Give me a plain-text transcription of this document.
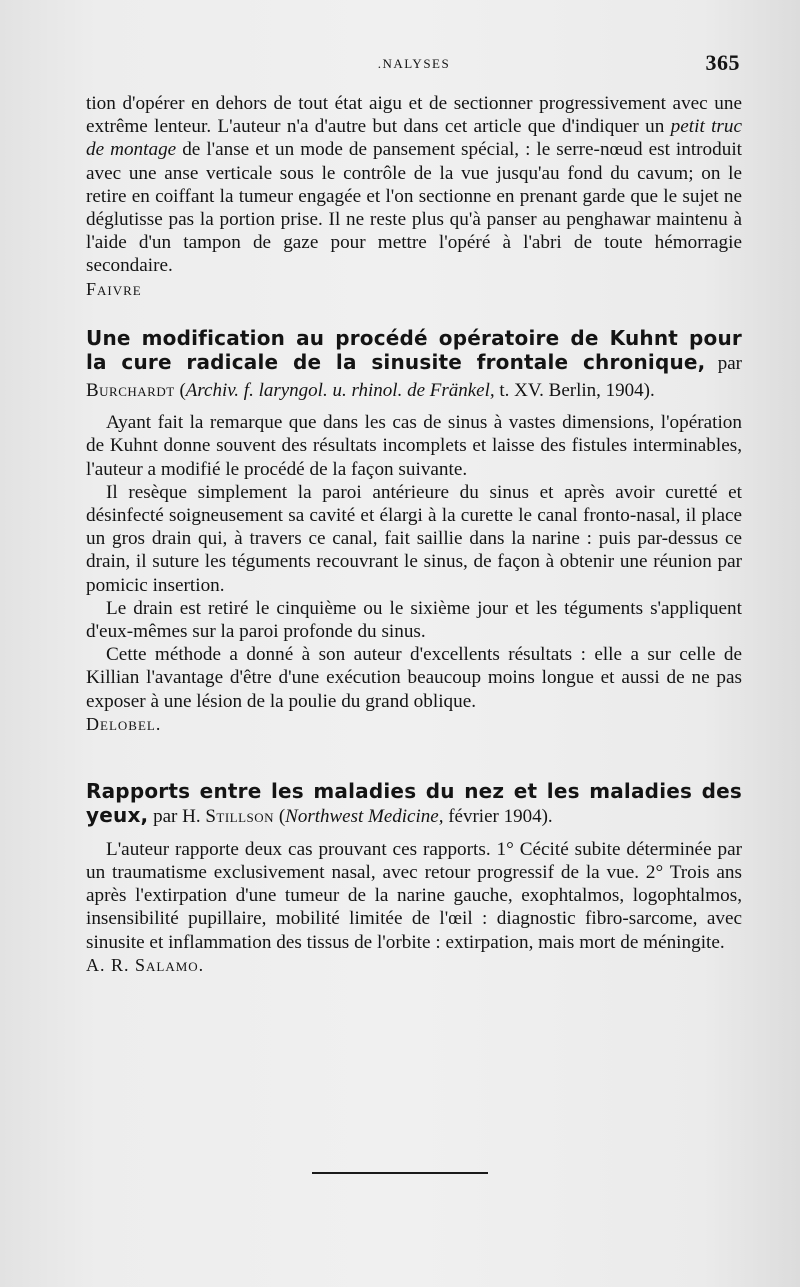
.NALYSES	365

tion d'opérer en dehors de tout état aigu et de sectionner progressivement avec une extrême lenteur. L'auteur n'a d'autre but dans cet article que d'indiquer un petit truc de montage de l'anse et un mode de pansement spécial, : le serre-nœud est introduit avec une anse verticale sous le contrôle de la vue jusqu'au fond du cavum; on le retire en coiffant la tumeur engagée et l'on sectionne en prenant garde que le sujet ne déglutisse pas la portion prise. Il ne reste plus qu'à panser au penghawar maintenu à l'aide d'un tampon de gaze pour mettre l'opéré à l'abri de toute hémorragie secondaire.

Faivre

Une modification au procédé opératoire de Kuhnt pour la cure radicale de la sinusite frontale chronique, par Burchardt (Archiv. f. laryngol. u. rhinol. de Fränkel, t. XV. Berlin, 1904).

Ayant fait la remarque que dans les cas de sinus à vastes dimensions, l'opération de Kuhnt donne souvent des résultats incomplets et laisse des fistules interminables, l'auteur a modifié le procédé de la façon suivante.

Il resèque simplement la paroi antérieure du sinus et après avoir curetté et désinfecté soigneusement sa cavité et élargi à la curette le canal fronto-nasal, il place un gros drain qui, à travers ce canal, fait saillie dans la narine : puis par-dessus ce drain, il suture les téguments recouvrant le sinus, de façon à obtenir une réunion par pomicic insertion.

Le drain est retiré le cinquième ou le sixième jour et les téguments s'appliquent d'eux-mêmes sur la paroi profonde du sinus.

Cette méthode a donné à son auteur d'excellents résultats : elle a sur celle de Killian l'avantage d'être d'une exécution beaucoup moins longue et aussi de ne pas exposer à une lésion de la poulie du grand oblique.

Delobel.

Rapports entre les maladies du nez et les maladies des yeux, par H. Stillson (Northwest Medicine, février 1904).

L'auteur rapporte deux cas prouvant ces rapports. 1° Cécité subite déterminée par un traumatisme exclusivement nasal, avec retour progressif de la vue. 2° Trois ans après l'extirpation d'une tumeur de la narine gauche, exophtalmos, logophtalmos, insensibilité pupillaire, mobilité limitée de l'œil : diagnostic fibro-sarcome, avec sinusite et inflammation des tissus de l'orbite : extirpation, mais mort de méningite.

A. R. Salamo.
